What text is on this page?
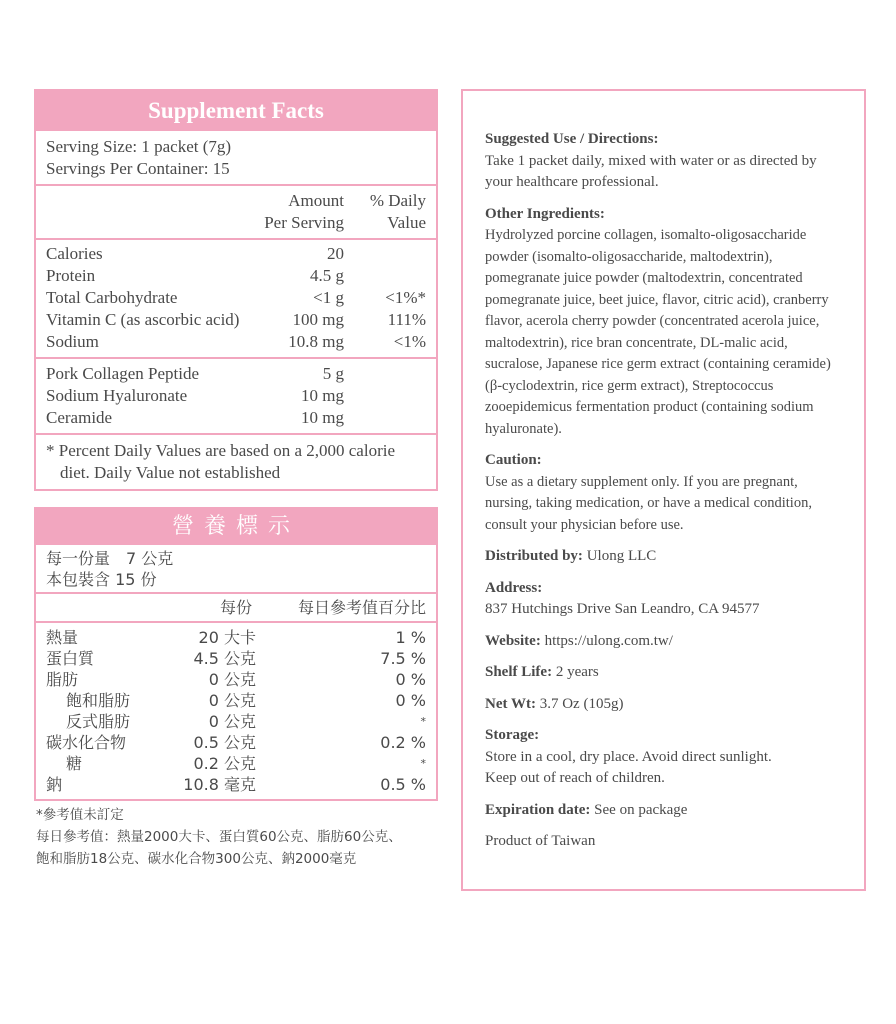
Supplement Facts
Serving Size: 1 packet (7g)
Servings Per Container: 15
Amount	% Daily
Per Serving	Value
Calories	20
Protein	4.5 g
Total Carbohydrate	<1 g	<1%*
Vitamin C (as ascorbic acid)	100 mg	111%
Sodium	10.8 mg	<1%
Pork Collagen Peptide	5 g
Sodium Hyaluronate	10 mg
Ceramide	10 mg
* Percent Daily Values are based on a 2,000 calorie diet. Daily Value not established
營養標示
每一份量　7 公克
本包裝含 15 份
每份	每日參考值百分比
熱量	20 大卡	1 %
蛋白質	4.5 公克	7.5 %
脂肪	0 公克	0 %
飽和脂肪	0 公克	0 %
反式脂肪	0 公克	*
碳水化合物	0.5 公克	0.2 %
糖	0.2 公克	*
鈉	10.8 毫克	0.5 %
*參考值未訂定
每日參考值：熱量2000大卡、蛋白質60公克、脂肪60公克、
飽和脂肪18公克、碳水化合物300公克、鈉2000毫克
Suggested Use / Directions:
Take 1 packet daily, mixed with water or as directed by your healthcare professional.
Other Ingredients:
Hydrolyzed porcine collagen, isomalto-oligosaccharide powder (isomalto-oligosaccharide, maltodextrin), pomegranate juice powder (maltodextrin, concentrated pomegranate juice, beet juice, flavor, citric acid), cranberry flavor, acerola cherry powder (concentrated acerola juice, maltodextrin), rice bran concentrate, DL-malic acid, sucralose, Japanese rice germ extract (containing ceramide) (β-cyclodextrin, rice germ extract), Streptococcus zooepidemicus fermentation product (containing sodium hyaluronate).
Caution:
Use as a dietary supplement only. If you are pregnant, nursing, taking medication, or have a medical condition, consult your physician before use.
Distributed by: Ulong LLC
Address:
837 Hutchings Drive San Leandro, CA 94577
Website: https://ulong.com.tw/
Shelf Life: 2 years
Net Wt: 3.7 Oz (105g)
Storage:
Store in a cool, dry place. Avoid direct sunlight.
Keep out of reach of children.
Expiration date: See on package
Product of Taiwan
